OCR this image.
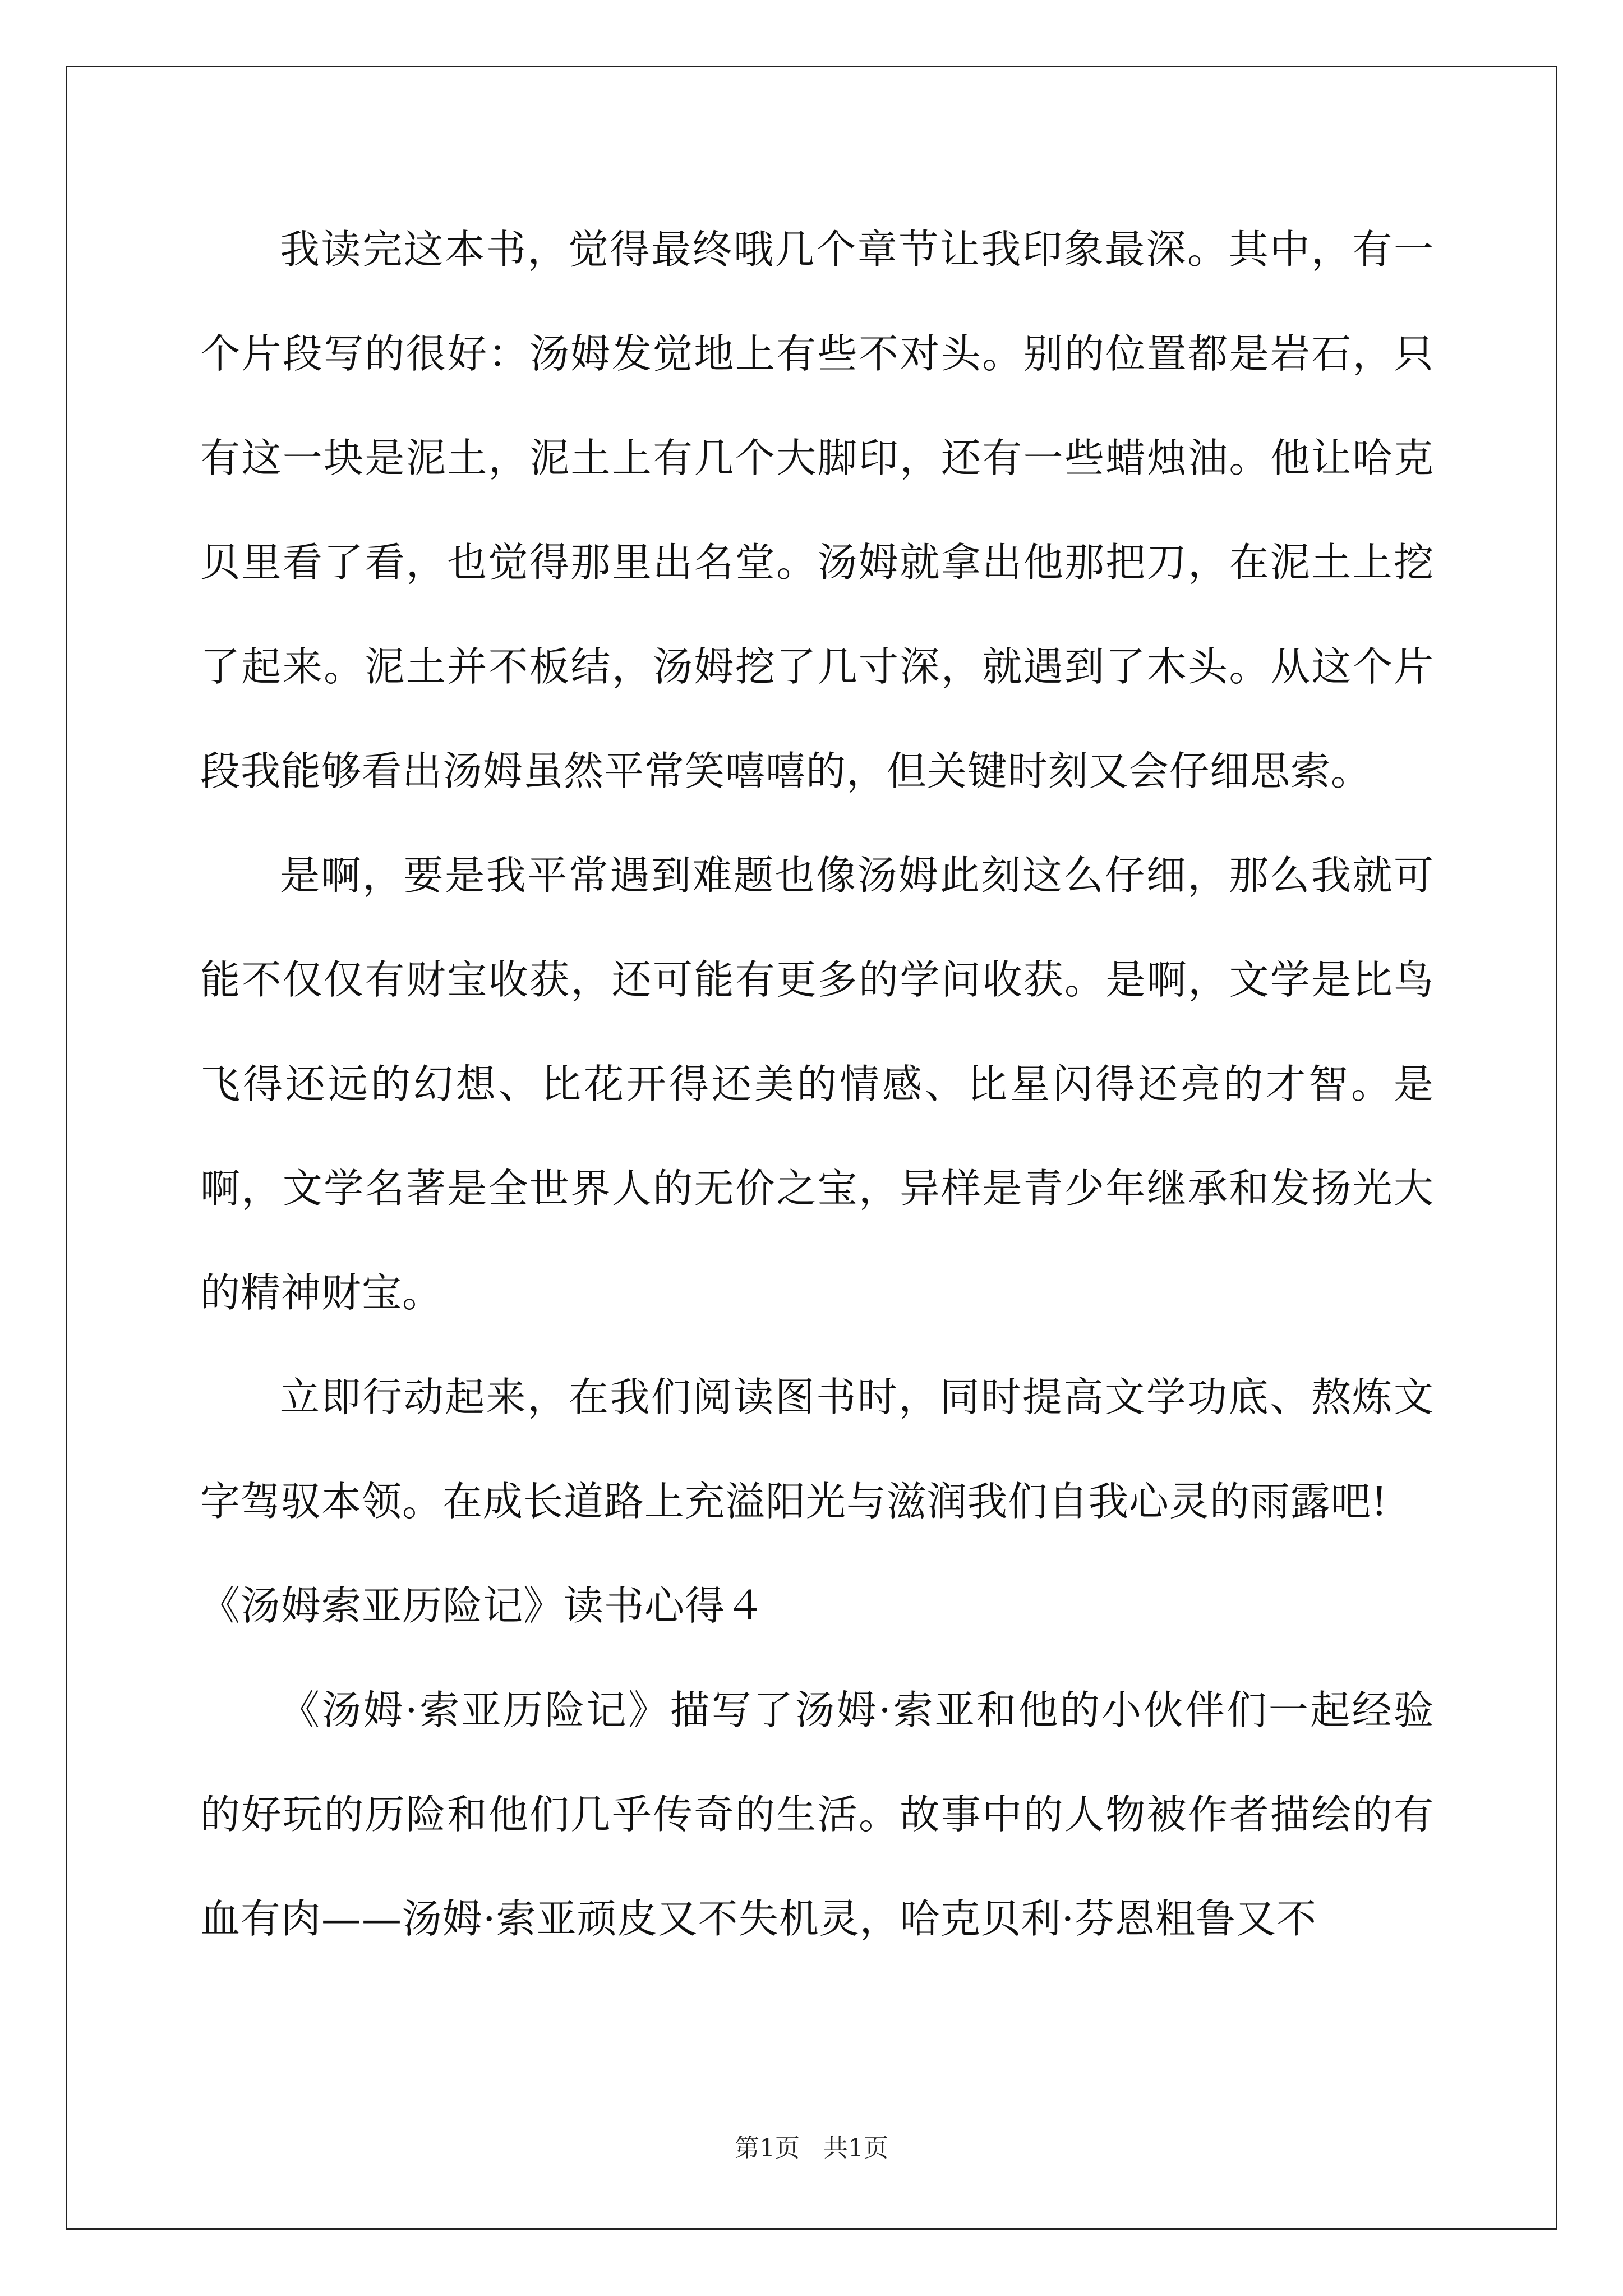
我读完这本书，觉得最终哦几个章节让我印象最深。其中，有一个片段写的很好：汤姆发觉地上有些不对头。别的位置都是岩石，只有这一块是泥土，泥土上有几个大脚印，还有一些蜡烛油。他让哈克贝里看了看，也觉得那里出名堂。汤姆就拿出他那把刀，在泥土上挖了起来。泥土并不板结，汤姆挖了几寸深，就遇到了木头。从这个片段我能够看出汤姆虽然平常笑嘻嘻的，但关键时刻又会仔细思索。

是啊，要是我平常遇到难题也像汤姆此刻这么仔细，那么我就可能不仅仅有财宝收获，还可能有更多的学问收获。是啊，文学是比鸟飞得还远的幻想、比花开得还美的情感、比星闪得还亮的才智。是啊，文学名著是全世界人的无价之宝，异样是青少年继承和发扬光大的精神财宝。

立即行动起来，在我们阅读图书时，同时提高文学功底、熬炼文字驾驭本领。在成长道路上充溢阳光与滋润我们自我心灵的雨露吧!

《汤姆索亚历险记》读书心得４

《汤姆·索亚历险记》描写了汤姆·索亚和他的小伙伴们一起经验的好玩的历险和他们几乎传奇的生活。故事中的人物被作者描绘的有血有肉——汤姆·索亚顽皮又不失机灵，哈克贝利·芬恩粗鲁又不

第1页 共1页
